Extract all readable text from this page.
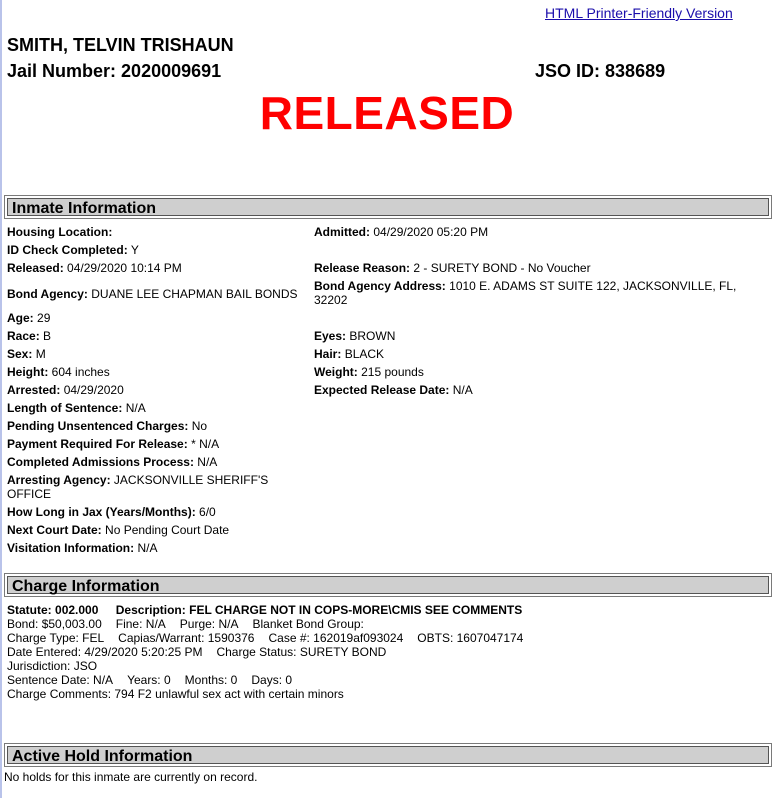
HTML Printer-Friendly Version
SMITH, TELVIN TRISHAUN
Jail Number: 2020009691	JSO ID: 838689
RELEASED
Inmate Information
Housing Location:	Admitted: 04/29/2020 05:20 PM
ID Check Completed: Y
Released: 04/29/2020 10:14 PM	Release Reason: 2 - SURETY BOND - No Voucher
Bond Agency: DUANE LEE CHAPMAN BAIL BONDS
Bond Agency Address: 1010 E. ADAMS ST SUITE 122, JACKSONVILLE, FL, 32202
Age: 29
Race: B	Eyes: BROWN
Sex: M	Hair: BLACK
Height: 604 inches	Weight: 215 pounds
Arrested: 04/29/2020	Expected Release Date: N/A
Length of Sentence: N/A
Pending Unsentenced Charges: No
Payment Required For Release: * N/A
Completed Admissions Process: N/A
Arresting Agency: JACKSONVILLE SHERIFF'S OFFICE
How Long in Jax (Years/Months): 6/0
Next Court Date: No Pending Court Date
Visitation Information: N/A
Charge Information
Statute: 002.000 Description: FEL CHARGE NOT IN COPS-MORE\CMIS SEE COMMENTS
Bond: $50,003.00 Fine: N/A Purge: N/A Blanket Bond Group:
Charge Type: FEL Capias/Warrant: 1590376 Case #: 162019af093024 OBTS: 1607047174
Date Entered: 4/29/2020 5:20:25 PM Charge Status: SURETY BOND
Jurisdiction: JSO
Sentence Date: N/A Years: 0 Months: 0 Days: 0
Charge Comments: 794 F2 unlawful sex act with certain minors
Active Hold Information
No holds for this inmate are currently on record.
